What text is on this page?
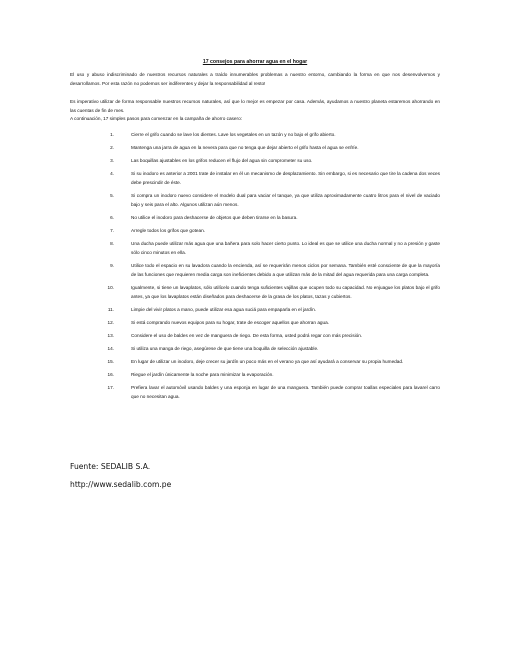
17 consejos para ahorrar agua en el hogar
El uso y abuso indiscriminado de nuestros recursos naturales a traído innumerables problemas a nuestro entorno, cambiando la forma en que nos desenvolvemos y desarrollamos. Por esta razón no podemos ser indiferentes y dejar la responsabilidad al resto!
Es imperativo utilizar de forma responsable nuestros recursos naturales, así que lo mejor es empezar por casa. Además, ayudamos a nuestro planeta estaremos ahorrando en las cuentas de fin de mes.
A continuación, 17 simples pasos para comenzar en la campaña de ahorro casero:
1.	Cierre el grifo cuando se lave los dientes. Lave los vegetales en un tazón y no bajo el grifo abierto.
2.	Mantenga una jarra de agua en la nevera para que no tenga que dejar abierto el grifo hasta el agua se enfríe.
3.	Las boquillas ajustables en los grifos reducen el flujo del agua sin comprometer su uso.
4.	Si su inodoro es anterior a 2001 trate de instalar en él un mecanismo de desplazamiento. Sin embargo, si es necesario que tire la cadena dos veces debe prescindir de éste.
5.	Si compra un inodoro nuevo considere el modelo dual para vaciar el tanque, ya que utiliza aproximadamente cuatro litros para el nivel de vaciado bajo y seis para el alto. Algunos utilizan aún menos.
6.	No utilice el inodoro para deshacerse de objetos que deben tirarse en la basura.
7.	Arregle todos los grifos que gotean.
8.	Una ducha puede utilizar más agua que una bañera para solo hacer cierto punto. Lo ideal es que se utilice una ducha normal y no a presión y gaste sólo cinco minutos en ella.
9.	Utilice todo el espacio en su lavadora cuando la encienda, así se requerirán menos ciclos por semana. También esté consciente de que la mayoría de las funciones que requieren media carga son ineficientes debido a que utilizan más de la mitad del agua requerida para una carga completa.
10.	Igualmente, si tiene un lavaplatos, sólo utilícelo cuando tenga suficientes vajillas que ocupen todo su capacidad. No enjuague los platos bajo el grifo antes, ya que los lavaplatos están diseñados para deshacerse de la grasa de los platos, tazas y cubiertos.
11.	Limpie del vivir platos a mano, puede utilizar esa agua suciá para empaparla en el jardín.
12.	Si está comprando nuevos equipos para su hogar, trate de escoger aquellos que ahorran agua.
13.	Considere el uso de baldes en vez de manguera de riego. De esta forma, usted podrá regar con más precisión.
14.	Si utiliza una manga de riego, asegúrese de que tiene una boquilla de selección ajustable.
15.	En lugar de utilizar un inodoro, deje crecer su jardín un poco más en el verano ya que así ayudará a conservar su propia humedad.
16.	Riegue el jardín únicamente la noche para minimizar la evaporación.
17.	Prefiera lavar el automóvil usando baldes y una esponja en lugar de una manguera. También puede comprar toallas especiales para lavarel carro que no necesitan agua.
Fuente: SEDALIB S.A.
http://www.sedalib.com.pe
